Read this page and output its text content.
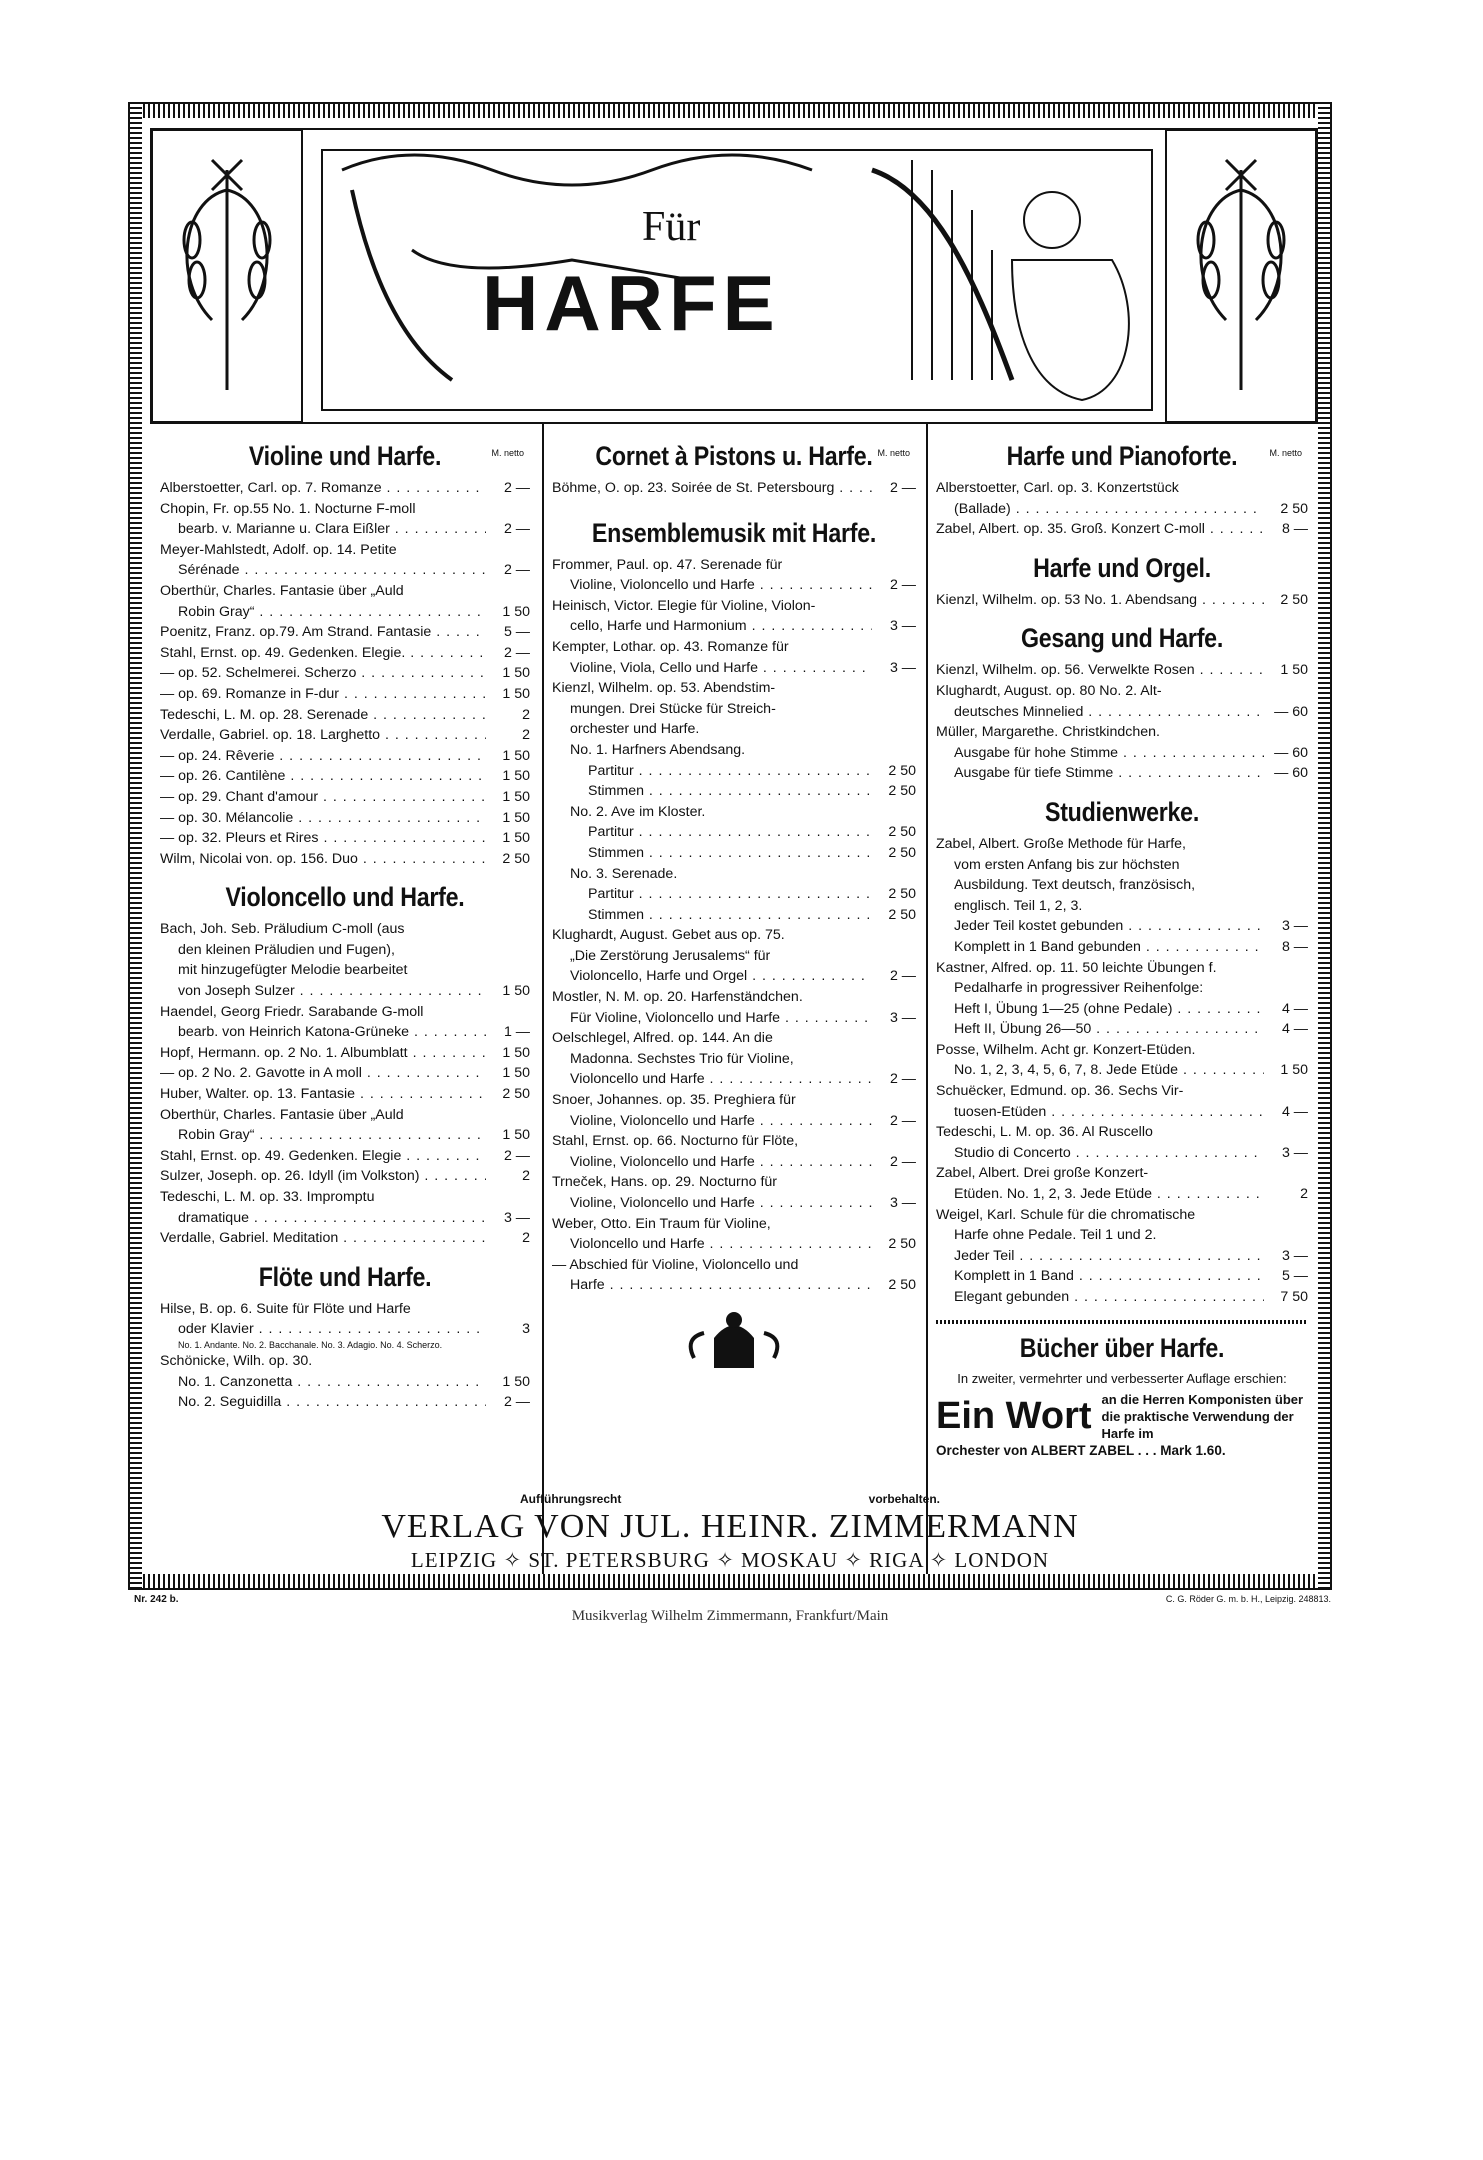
Für
HARFE
Violine und Harfe.	M. netto
Alberstoetter, Carl. op. 7. Romanze . . .	2 —
Chopin, Fr. op.55 No. 1. Nocturne F-moll
bearb. v. Marianne u. Clara Eißler . . .	2 —
Meyer-Mahlstedt, Adolf. op. 14. Petite
Sérénade . . .	2 —
Oberthür, Charles. Fantasie über „Auld
Robin Gray“ . . .	1 50
Poenitz, Franz. op.79. Am Strand. Fantasie . . .	5 —
Stahl, Ernst. op. 49. Gedenken. Elegie. . . .	2 —
— op. 52. Schelmerei. Scherzo . . .	1 50
— op. 69. Romanze in F-dur . . .	1 50
Tedeschi, L. M. op. 28. Serenade . . .	2
Verdalle, Gabriel. op. 18. Larghetto . . .	2
— op. 24. Rêverie . . .	1 50
— op. 26. Cantilène . . .	1 50
— op. 29. Chant d'amour . . .	1 50
— op. 30. Mélancolie . . .	1 50
— op. 32. Pleurs et Rires . . .	1 50
Wilm, Nicolai von. op. 156. Duo . . .	2 50
Violoncello und Harfe.
Bach, Joh. Seb. Präludium C-moll (aus
den kleinen Präludien und Fugen),
mit hinzugefügter Melodie bearbeitet
von Joseph Sulzer . . .	1 50
Haendel, Georg Friedr. Sarabande G-moll
bearb. von Heinrich Katona-Grüneke . . .	1 —
Hopf, Hermann. op. 2 No. 1. Albumblatt . . .	1 50
— op. 2 No. 2. Gavotte in A moll . . .	1 50
Huber, Walter. op. 13. Fantasie . . .	2 50
Oberthür, Charles. Fantasie über „Auld
Robin Gray“ . . .	1 50
Stahl, Ernst. op. 49. Gedenken. Elegie . . .	2 —
Sulzer, Joseph. op. 26. Idyll (im Volkston) . . .	2
Tedeschi, L. M. op. 33. Impromptu
dramatique . . .	3 —
Verdalle, Gabriel. Meditation . . .	2
Flöte und Harfe.
Hilse, B. op. 6. Suite für Flöte und Harfe
oder Klavier . . .	3
No. 1. Andante. No. 2. Bacchanale. No. 3. Adagio. No. 4. Scherzo.
Schönicke, Wilh. op. 30.
No. 1. Canzonetta . . .	1 50
No. 2. Seguidilla . . .	2 —
Cornet à Pistons u. Harfe. M. netto
Böhme, O. op. 23. Soirée de St. Petersbourg . . .	2 —
Ensemblemusik mit Harfe.
Frommer, Paul. op. 47. Serenade für
Violine, Violoncello und Harfe . . .	2 —
Heinisch, Victor. Elegie für Violine, Violon-
cello, Harfe und Harmonium . . .	3 —
Kempter, Lothar. op. 43. Romanze für
Violine, Viola, Cello und Harfe . . .	3 —
Kienzl, Wilhelm. op. 53. Abendstim-
mungen. Drei Stücke für Streich-
orchester und Harfe.
No. 1. Harfners Abendsang.
Partitur . . .	2 50
Stimmen . . .	2 50
No. 2. Ave im Kloster.
Partitur . . .	2 50
Stimmen . . .	2 50
No. 3. Serenade.
Partitur . . .	2 50
Stimmen . . .	2 50
Klughardt, August. Gebet aus op. 75.
„Die Zerstörung Jerusalems“ für
Violoncello, Harfe und Orgel . . .	2 —
Mostler, N. M. op. 20. Harfenständchen.
Für Violine, Violoncello und Harfe . . .	3 —
Oelschlegel, Alfred. op. 144. An die
Madonna. Sechstes Trio für Violine,
Violoncello und Harfe . . .	2 —
Snoer, Johannes. op. 35. Preghiera für
Violine, Violoncello und Harfe . . .	2 —
Stahl, Ernst. op. 66. Nocturno für Flöte,
Violine, Violoncello und Harfe . . .	2 —
Trneček, Hans. op. 29. Nocturno für
Violine, Violoncello und Harfe . . .	3 —
Weber, Otto. Ein Traum für Violine,
Violoncello und Harfe . . .	2 50
— Abschied für Violine, Violoncello und
Harfe . . .	2 50
Harfe und Pianoforte.	M. netto
Alberstoetter, Carl. op. 3. Konzertstück
(Ballade) . . .	2 50
Zabel, Albert. op. 35. Groß. Konzert C-moll . . .	8 —
Harfe und Orgel.
Kienzl, Wilhelm. op. 53 No. 1. Abendsang . . .	2 50
Gesang und Harfe.
Kienzl, Wilhelm. op. 56. Verwelkte Rosen . . .	1 50
Klughardt, August. op. 80 No. 2. Alt-
deutsches Minnelied . . .	— 60
Müller, Margarethe. Christkindchen.
Ausgabe für hohe Stimme . . .	— 60
Ausgabe für tiefe Stimme . . .	— 60
Studienwerke.
Zabel, Albert. Große Methode für Harfe,
vom ersten Anfang bis zur höchsten
Ausbildung. Text deutsch, französisch,
englisch. Teil 1, 2, 3.
Jeder Teil kostet gebunden . . .	3 —
Komplett in 1 Band gebunden . . .	8 —
Kastner, Alfred. op. 11. 50 leichte Übungen f.
Pedalharfe in progressiver Reihenfolge:
Heft I, Übung 1—25 (ohne Pedale) . . .	4 —
Heft II, Übung 26—50 . . .	4 —
Posse, Wilhelm. Acht gr. Konzert-Etüden.
No. 1, 2, 3, 4, 5, 6, 7, 8. Jede Etüde . . .	1 50
Schuëcker, Edmund. op. 36. Sechs Vir-
tuosen-Etüden . . .	4 —
Tedeschi, L. M. op. 36. Al Ruscello
Studio di Concerto . . .	3 —
Zabel, Albert. Drei große Konzert-
Etüden. No. 1, 2, 3. Jede Etüde . . .	2
Weigel, Karl. Schule für die chromatische
Harfe ohne Pedale. Teil 1 und 2.
Jeder Teil . . .	3 —
Komplett in 1 Band . . .	5 —
Elegant gebunden . . .	7 50
Bücher über Harfe.
In zweiter, vermehrter und verbesserter Auflage erschien:
Ein Wort an die Herren Komponisten über die praktische Verwendung der Harfe im
Orchester von ALBERT ZABEL . . . Mark 1.60.
Aufführungsrecht	vorbehalten.
VERLAG VON JUL. HEINR. ZIMMERMANN
LEIPZIG ✧ ST. PETERSBURG ✧ MOSKAU ✧ RIGA ✧ LONDON
Nr. 242 b.	C. G. Röder G. m. b. H., Leipzig. 248813.
Musikverlag Wilhelm Zimmermann, Frankfurt/Main
